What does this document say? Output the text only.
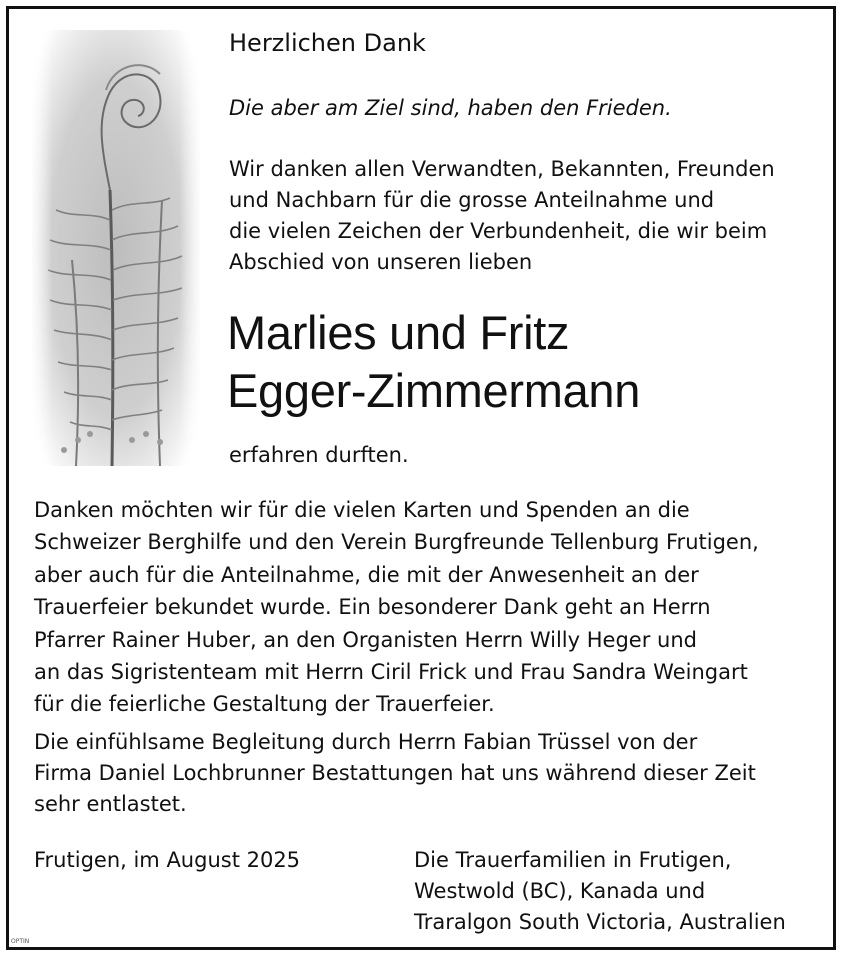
Herzlichen Dank
Die aber am Ziel sind, haben den Frieden.
Wir danken allen Verwandten, Bekannten, Freunden
und Nachbarn für die grosse Anteilnahme und
die vielen Zeichen der Verbundenheit, die wir beim
Abschied von unseren lieben
Marlies und Fritz
Egger-Zimmermann
erfahren durften.
Danken möchten wir für die vielen Karten und Spenden an die
Schweizer Berghilfe und den Verein Burgfreunde Tellenburg Frutigen,
aber auch für die Anteilnahme, die mit der Anwesenheit an der
Trauerfeier bekundet wurde. Ein besonderer Dank geht an Herrn
Pfarrer Rainer Huber, an den Organisten Herrn Willy Heger und
an das Sigristenteam mit Herrn Ciril Frick und Frau Sandra Weingart
für die feierliche Gestaltung der Trauerfeier.
Die einfühlsame Begleitung durch Herrn Fabian Trüssel von der
Firma Daniel Lochbrunner Bestattungen hat uns während dieser Zeit
sehr entlastet.
Frutigen, im August 2025	Die Trauerfamilien in Frutigen,
Westwold (BC), Kanada und
Traralgon South Victoria, Australien
OPTIN
